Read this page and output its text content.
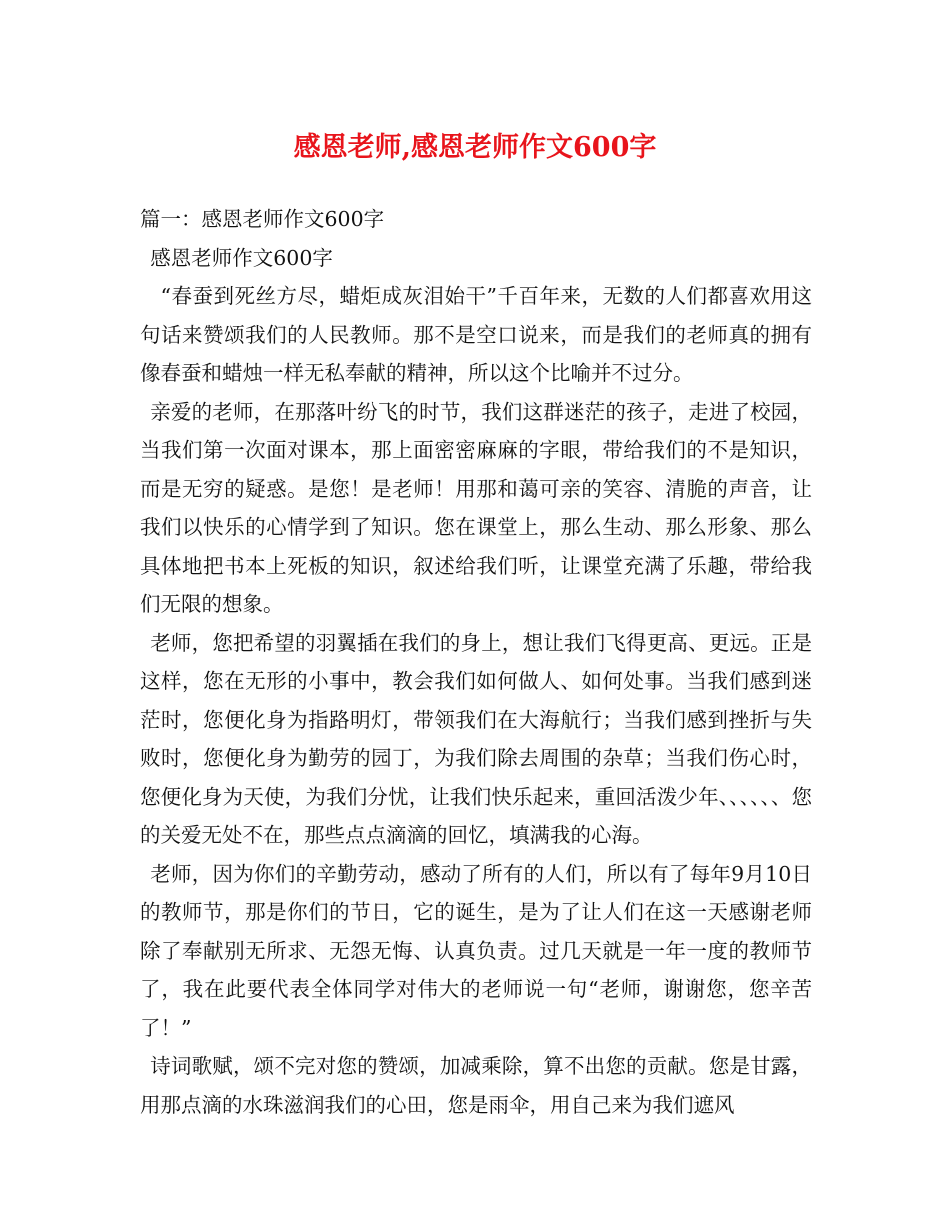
感恩老师,感恩老师作文600字

篇一：感恩老师作文600字

感恩老师作文600字

“春蚕到死丝方尽，蜡炬成灰泪始干”千百年来，无数的人们都喜欢用这句话来赞颂我们的人民教师。那不是空口说来，而是我们的老师真的拥有像春蚕和蜡烛一样无私奉献的精神，所以这个比喻并不过分。

亲爱的老师，在那落叶纷飞的时节，我们这群迷茫的孩子，走进了校园，当我们第一次面对课本，那上面密密麻麻的字眼，带给我们的不是知识，而是无穷的疑惑。是您！是老师！用那和蔼可亲的笑容、清脆的声音，让我们以快乐的心情学到了知识。您在课堂上，那么生动、那么形象、那么具体地把书本上死板的知识，叙述给我们听，让课堂充满了乐趣，带给我们无限的想象。

老师，您把希望的羽翼插在我们的身上，想让我们飞得更高、更远。正是这样，您在无形的小事中，教会我们如何做人、如何处事。当我们感到迷茫时，您便化身为指路明灯，带领我们在大海航行；当我们感到挫折与失败时，您便化身为勤劳的园丁，为我们除去周围的杂草；当我们伤心时，您便化身为天使，为我们分忧，让我们快乐起来，重回活泼少年、、、、、、您的关爱无处不在，那些点点滴滴的回忆，填满我的心海。

老师，因为你们的辛勤劳动，感动了所有的人们，所以有了每年9月10日的教师节，那是你们的节日，它的诞生，是为了让人们在这一天感谢老师除了奉献别无所求、无怨无悔、认真负责。过几天就是一年一度的教师节了，我在此要代表全体同学对伟大的老师说一句“老师，谢谢您，您辛苦了！”

诗词歌赋，颂不完对您的赞颂，加减乘除，算不出您的贡献。您是甘露，用那点滴的水珠滋润我们的心田，您是雨伞，用自己来为我们遮风
